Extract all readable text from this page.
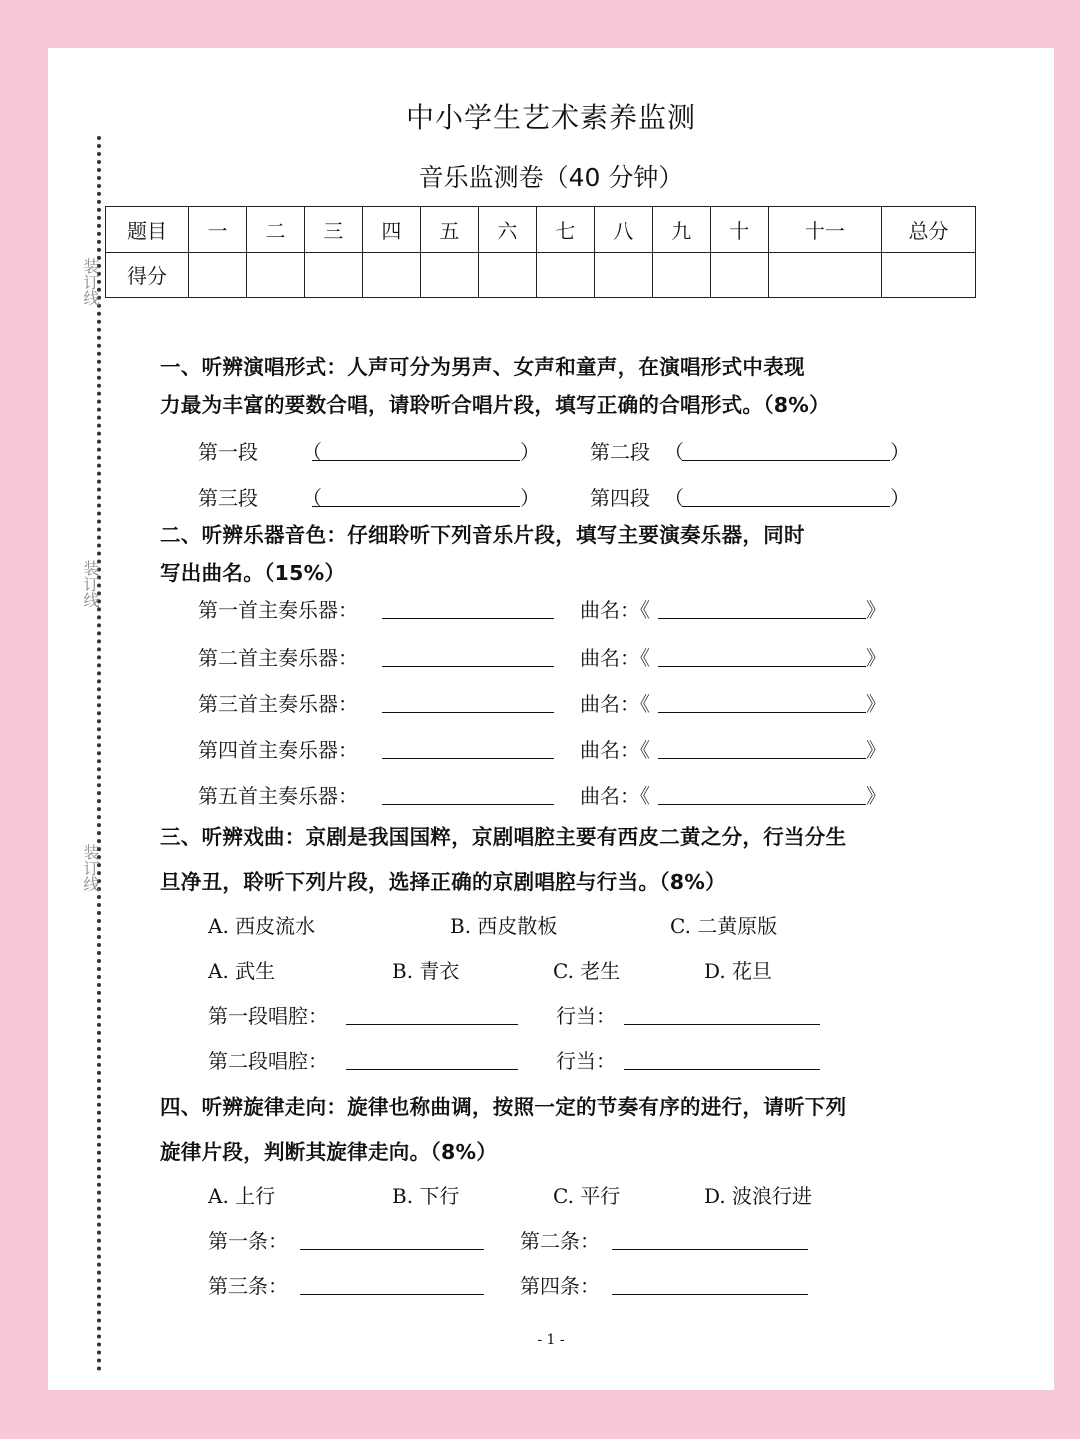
装订线
装订线
装订线
中小学生艺术素养监测
音乐监测卷（40 分钟）
题目	一	二	三	四	五	六	七	八	九	十	十一	总分
得分												
一、听辨演唱形式：人声可分为男声、女声和童声，在演唱形式中表现
力最为丰富的要数合唱，请聆听合唱片段，填写正确的合唱形式。（8%）
第一段 （	）	第二段 （	）
第三段 （	）	第四段 （	）
二、听辨乐器音色：仔细聆听下列音乐片段，填写主要演奏乐器，同时
写出曲名。（15%）
第一首主奏乐器：	曲名：《	》
第二首主奏乐器：	曲名：《	》
第三首主奏乐器：	曲名：《	》
第四首主奏乐器：	曲名：《	》
第五首主奏乐器：	曲名：《	》
三、听辨戏曲：京剧是我国国粹，京剧唱腔主要有西皮二黄之分，行当分生
旦净丑，聆听下列片段，选择正确的京剧唱腔与行当。（8%）
A. 西皮流水	B. 西皮散板	C. 二黄原版
A. 武生	B. 青衣	C. 老生	D. 花旦
第一段唱腔：	行当：
第二段唱腔：	行当：
四、听辨旋律走向：旋律也称曲调，按照一定的节奏有序的进行，请听下列
旋律片段，判断其旋律走向。（8%）
A. 上行	B. 下行	C. 平行	D. 波浪行进
第一条：	第二条：
第三条：	第四条：
- 1 -
